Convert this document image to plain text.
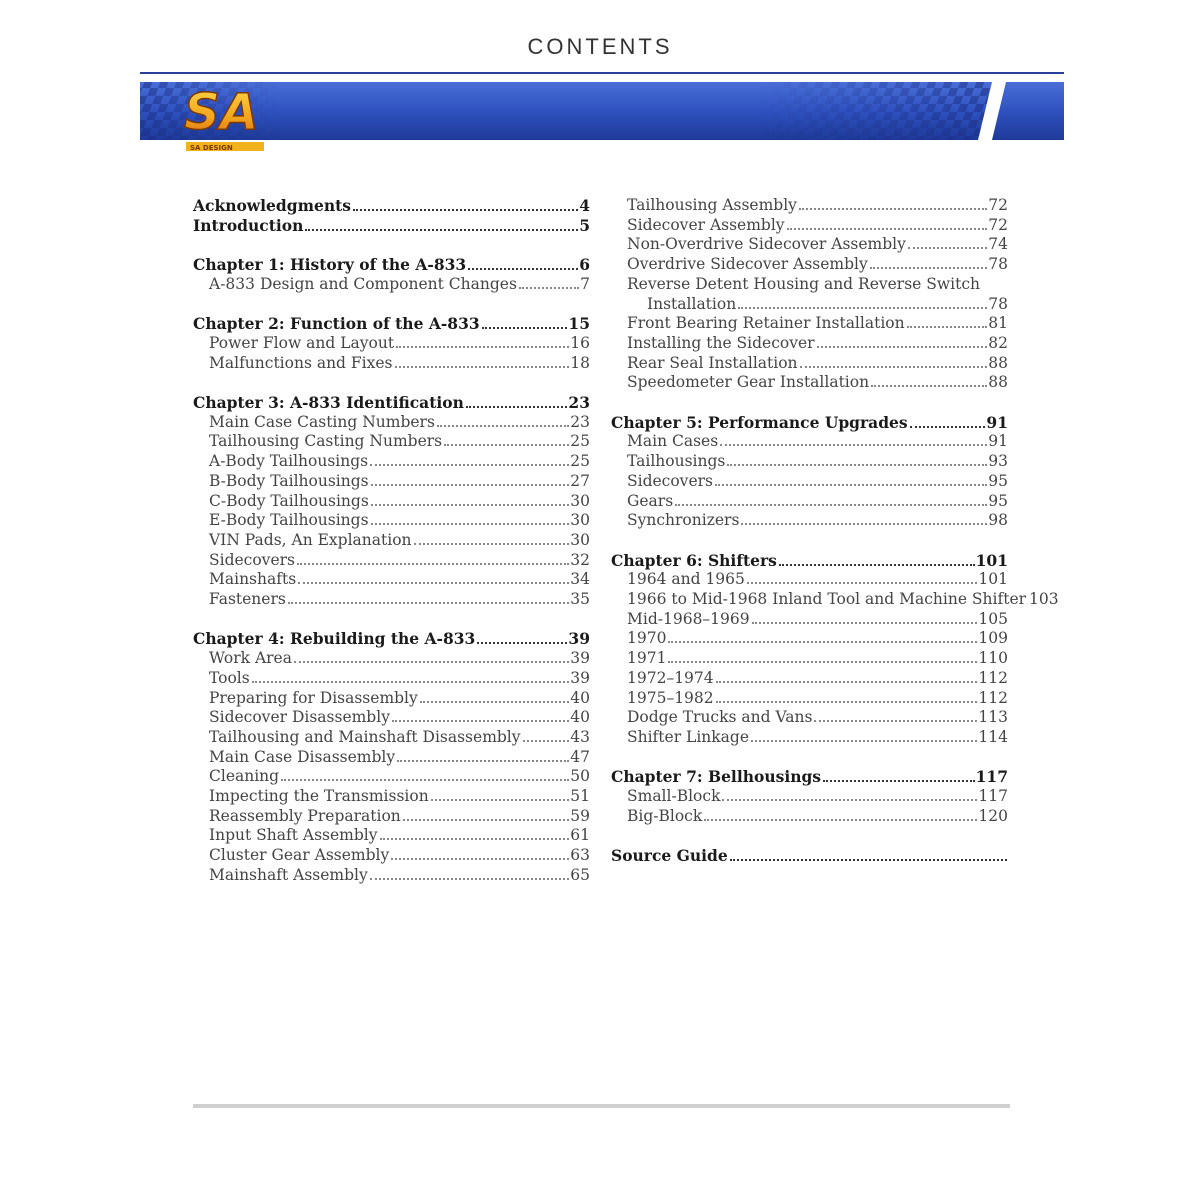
CONTENTS
SA
SA DESIGN
Acknowledgments	4
Introduction	5
Chapter 1: History of the A-833	6
A-833 Design and Component Changes	7
Chapter 2: Function of the A-833	15
Power Flow and Layout	16
Malfunctions and Fixes	18
Chapter 3: A-833 Identification	23
Main Case Casting Numbers	23
Tailhousing Casting Numbers	25
A-Body Tailhousings	25
B-Body Tailhousings	27
C-Body Tailhousings	30
E-Body Tailhousings	30
VIN Pads, An Explanation	30
Sidecovers	32
Mainshafts	34
Fasteners	35
Chapter 4: Rebuilding the A-833	39
Work Area	39
Tools	39
Preparing for Disassembly	40
Sidecover Disassembly	40
Tailhousing and Mainshaft Disassembly	43
Main Case Disassembly	47
Cleaning	50
Impecting the Transmission	51
Reassembly Preparation	59
Input Shaft Assembly	61
Cluster Gear Assembly	63
Mainshaft Assembly	65
Tailhousing Assembly	72
Sidecover Assembly	72
Non-Overdrive Sidecover Assembly	74
Overdrive Sidecover Assembly	78
Reverse Detent Housing and Reverse Switch
Installation	78
Front Bearing Retainer Installation	81
Installing the Sidecover	82
Rear Seal Installation	88
Speedometer Gear Installation	88
Chapter 5: Performance Upgrades	91
Main Cases	91
Tailhousings	93
Sidecovers	95
Gears	95
Synchronizers	98
Chapter 6: Shifters	101
1964 and 1965	101
1966 to Mid-1968 Inland Tool and Machine Shifter 103
Mid-1968–1969	105
1970	109
1971	110
1972–1974	112
1975–1982	112
Dodge Trucks and Vans	113
Shifter Linkage	114
Chapter 7: Bellhousings	117
Small-Block	117
Big-Block	120
Source Guide
